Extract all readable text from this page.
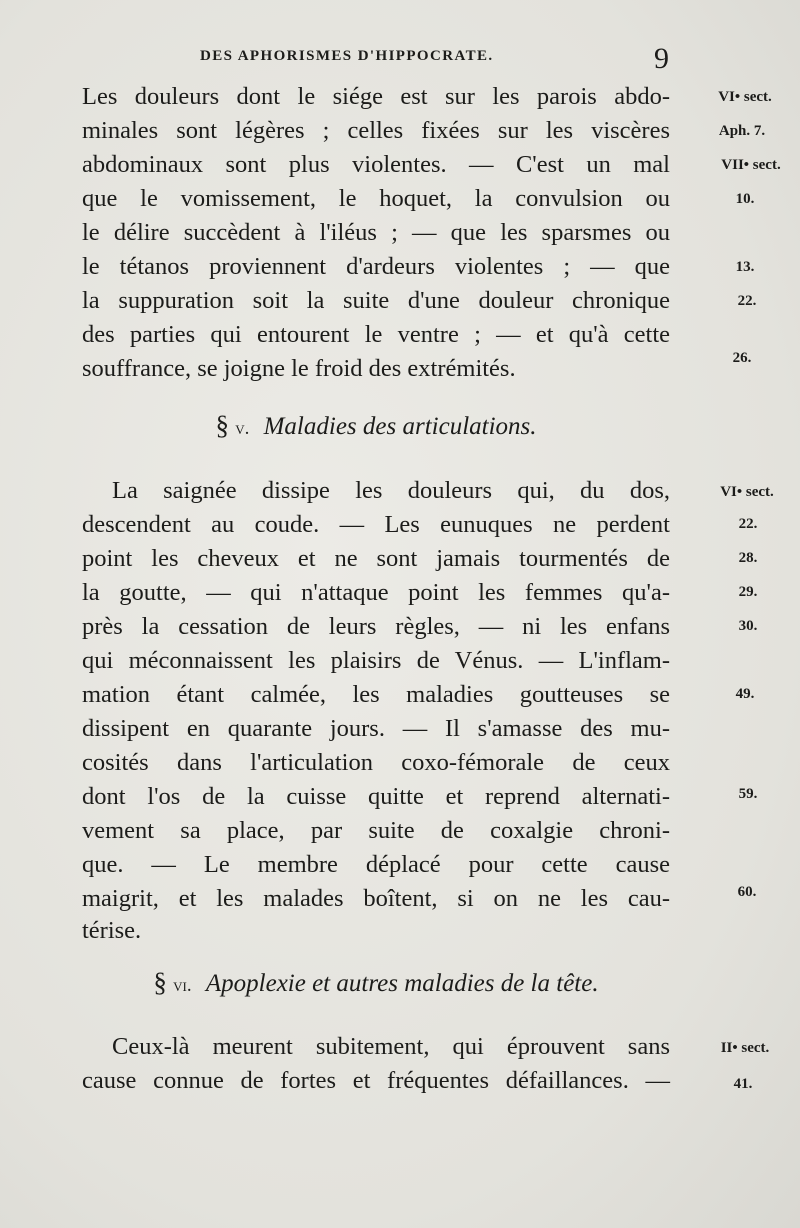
DES APHORISMES D'HIPPOCRATE.	9
Les douleurs dont le siége est sur les parois abdo-
minales sont légères ; celles fixées sur les viscères
abdominaux sont plus violentes. — C'est un mal
que le vomissement, le hoquet, la convulsion ou
le délire succèdent à l'iléus ; — que les sparsmes ou
le tétanos proviennent d'ardeurs violentes ; — que
la suppuration soit la suite d'une douleur chronique
des parties qui entourent le ventre ; — et qu'à cette
souffrance, se joigne le froid des extrémités.
VI• sect.
Aph. 7.
VII• sect.
10.
13.
22.
26.
§ v. Maladies des articulations.
La saignée dissipe les douleurs qui, du dos,
descendent au coude. — Les eunuques ne perdent
point les cheveux et ne sont jamais tourmentés de
la goutte, — qui n'attaque point les femmes qu'a-
près la cessation de leurs règles, — ni les enfans
qui méconnaissent les plaisirs de Vénus. — L'inflam-
mation étant calmée, les maladies goutteuses se
dissipent en quarante jours. — Il s'amasse des mu-
cosités dans l'articulation coxo-fémorale de ceux
dont l'os de la cuisse quitte et reprend alternati-
vement sa place, par suite de coxalgie chroni-
que. — Le membre déplacé pour cette cause
maigrit, et les malades boîtent, si on ne les cau-
térise.
VI• sect.
22.
28.
29.
30.
49.
59.
60.
§ vi. Apoplexie et autres maladies de la tête.
Ceux-là meurent subitement, qui éprouvent sans
cause connue de fortes et fréquentes défaillances. —
II• sect.
41.
